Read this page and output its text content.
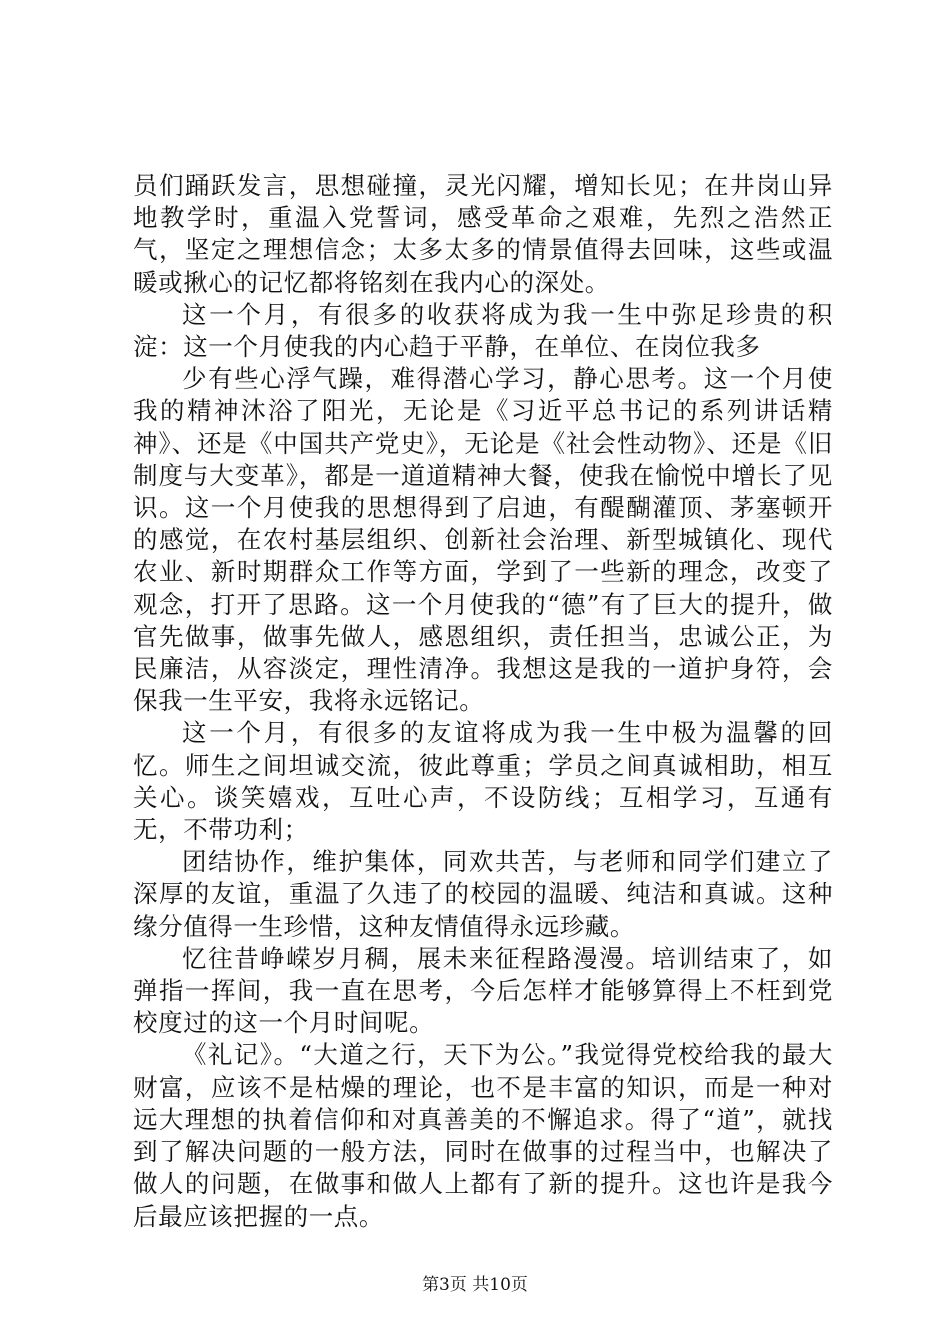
员们踊跃发言，思想碰撞，灵光闪耀，增知长见；在井岗山异地教学时，重温入党誓词，感受革命之艰难，先烈之浩然正气，坚定之理想信念；太多太多的情景值得去回味，这些或温暖或揪心的记忆都将铭刻在我内心的深处。

这一个月，有很多的收获将成为我一生中弥足珍贵的积淀：这一个月使我的内心趋于平静，在单位、在岗位我多

少有些心浮气躁，难得潜心学习，静心思考。这一个月使我的精神沐浴了阳光，无论是《习近平总书记的系列讲话精神》、还是《中国共产党史》，无论是《社会性动物》、还是《旧制度与大变革》，都是一道道精神大餐，使我在愉悦中增长了见识。这一个月使我的思想得到了启迪，有醍醐灌顶、茅塞顿开的感觉，在农村基层组织、创新社会治理、新型城镇化、现代农业、新时期群众工作等方面，学到了一些新的理念，改变了观念，打开了思路。这一个月使我的“德”有了巨大的提升，做官先做事，做事先做人，感恩组织，责任担当，忠诚公正，为民廉洁，从容淡定，理性清净。我想这是我的一道护身符，会保我一生平安，我将永远铭记。

这一个月，有很多的友谊将成为我一生中极为温馨的回忆。师生之间坦诚交流，彼此尊重；学员之间真诚相助，相互关心。谈笑嬉戏，互吐心声，不设防线；互相学习，互通有无，不带功利；

团结协作，维护集体，同欢共苦，与老师和同学们建立了深厚的友谊，重温了久违了的校园的温暖、纯洁和真诚。这种缘分值得一生珍惜，这种友情值得永远珍藏。

忆往昔峥嵘岁月稠，展未来征程路漫漫。培训结束了，如弹指一挥间，我一直在思考，今后怎样才能够算得上不枉到党校度过的这一个月时间呢。

《礼记》。“大道之行，天下为公。”我觉得党校给我的最大财富，应该不是枯燥的理论，也不是丰富的知识，而是一种对远大理想的执着信仰和对真善美的不懈追求。得了“道”，就找到了解决问题的一般方法，同时在做事的过程当中，也解决了做人的问题，在做事和做人上都有了新的提升。这也许是我今后最应该把握的一点。

第3页 共10页
